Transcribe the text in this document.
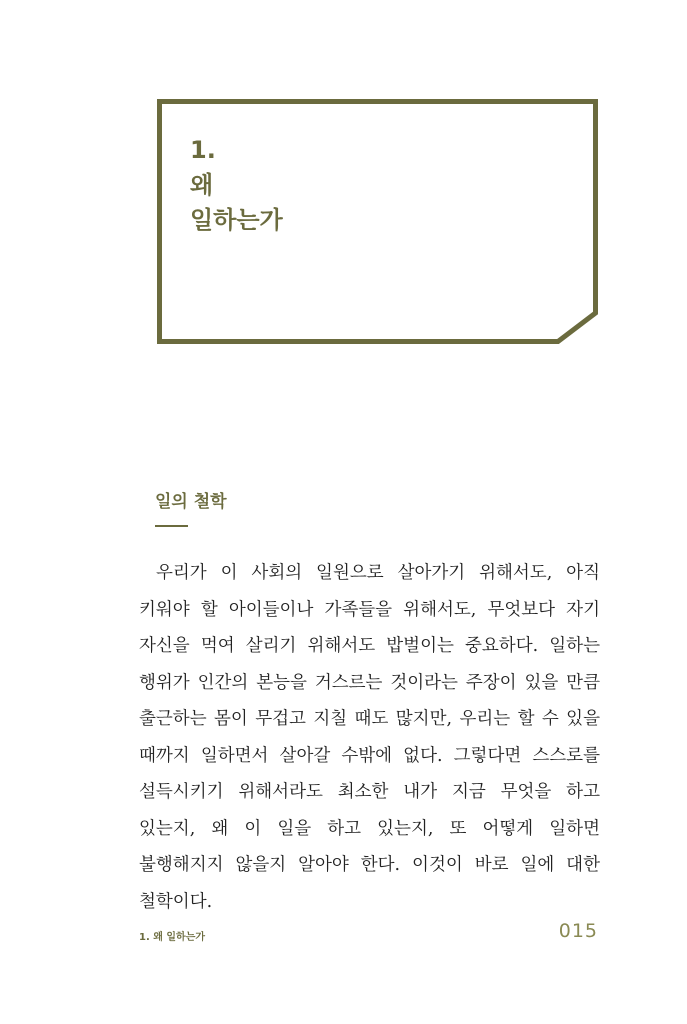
1.
왜
일하는가
일의 철학

우리가 이 사회의 일원으로 살아가기 위해서도, 아직 키워야 할 아이들이나 가족들을 위해서도, 무엇보다 자기 자신을 먹여 살리기 위해서도 밥벌이는 중요하다. 일하는 행위가 인간의 본능을 거스르는 것이라는 주장이 있을 만큼 출근하는 몸이 무겁고 지칠 때도 많지만, 우리는 할 수 있을 때까지 일하면서 살아갈 수밖에 없다. 그렇다면 스스로를 설득시키기 위해서라도 최소한 내가 지금 무엇을 하고 있는지, 왜 이 일을 하고 있는지, 또 어떻게 일하면 불행해지지 않을지 알아야 한다. 이것이 바로 일에 대한 철학이다.

1. 왜 일하는가	015
